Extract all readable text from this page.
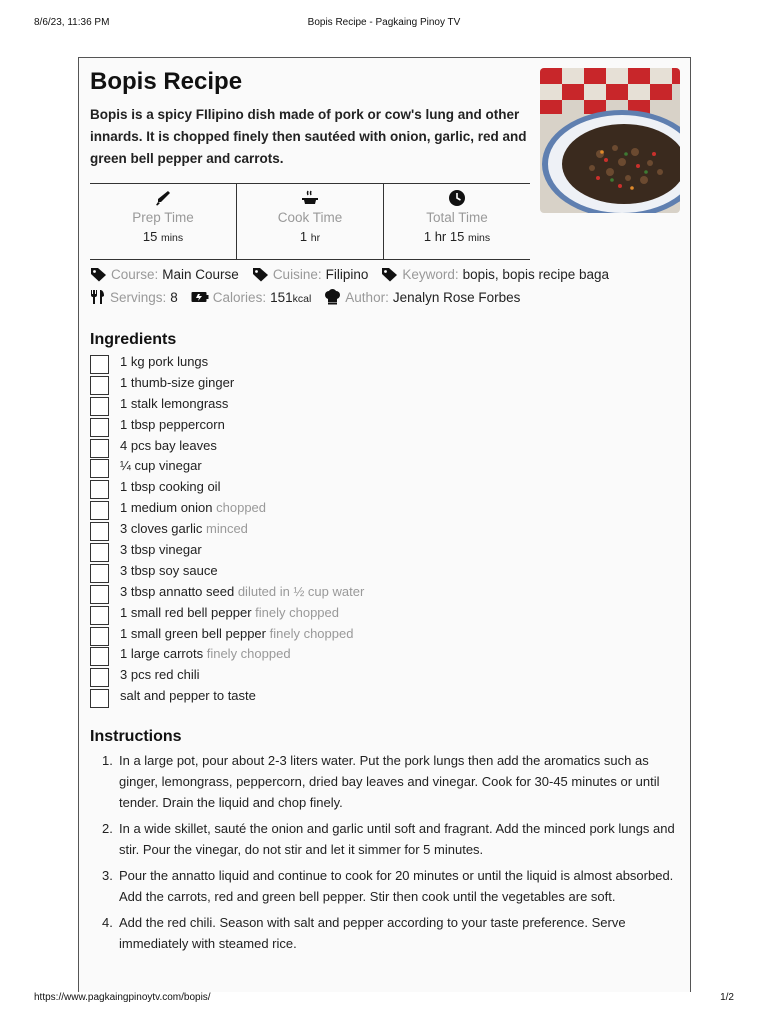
8/6/23, 11:36 PM	Bopis Recipe - Pagkaing Pinoy TV
Bopis Recipe

Bopis is a spicy FIlipino dish made of pork or cow's lung and other innards. It is chopped finely then sautéed with onion, garlic, red and green bell pepper and carrots.

Prep Time
15 mins
Cook Time
1 hr
Total Time
1 hr 15 mins
Course: Main Course	Cuisine: Filipino	Keyword: bopis, bopis recipe baga
Servings: 8	Calories: 151kcal	Author: Jenalyn Rose Forbes
Ingredients
1 kg pork lungs
1 thumb-size ginger
1 stalk lemongrass
1 tbsp peppercorn
4 pcs bay leaves
¼ cup vinegar
1 tbsp cooking oil
1 medium onion chopped
3 cloves garlic minced
3 tbsp vinegar
3 tbsp soy sauce
3 tbsp annatto seed diluted in ½ cup water
1 small red bell pepper finely chopped
1 small green bell pepper finely chopped
1 large carrots finely chopped
3 pcs red chili
salt and pepper to taste
Instructions
1. In a large pot, pour about 2-3 liters water. Put the pork lungs then add the aromatics such as ginger, lemongrass, peppercorn, dried bay leaves and vinegar. Cook for 30-45 minutes or until tender. Drain the liquid and chop finely.
2. In a wide skillet, sauté the onion and garlic until soft and fragrant. Add the minced pork lungs and stir. Pour the vinegar, do not stir and let it simmer for 5 minutes.
3. Pour the annatto liquid and continue to cook for 20 minutes or until the liquid is almost absorbed. Add the carrots, red and green bell pepper. Stir then cook until the vegetables are soft.
4. Add the red chili. Season with salt and pepper according to your taste preference. Serve immediately with steamed rice.
https://www.pagkaingpinoytv.com/bopis/	1/2
